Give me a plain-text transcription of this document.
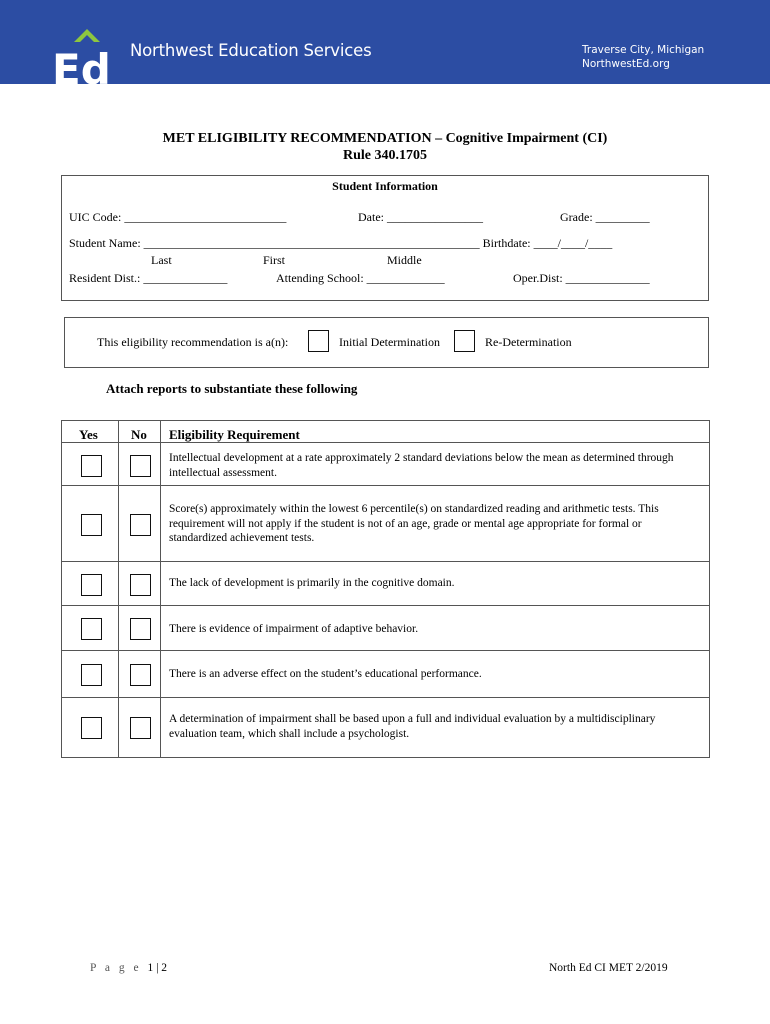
Ed Northwest Education Services	Traverse City, Michigan
NorthwestEd.org
MET ELIGIBILITY RECOMMENDATION – Cognitive Impairment (CI)
Rule 340.1705
Student Information
UIC Code: ___________________________	Date: ________________	Grade: _________
Student Name: ________________________________________________________ Birthdate: ____/____/____
Last	First	Middle
Resident Dist.: ______________	Attending School: _____________	Oper.Dist: ______________
This eligibility recommendation is a(n):	Initial Determination	Re-Determination
Attach reports to substantiate these following
Yes	No Eligibility Requirement
Intellectual development at a rate approximately 2 standard deviations below the mean as determined through intellectual assessment.
Score(s) approximately within the lowest 6 percentile(s) on standardized reading and arithmetic tests. This requirement will not apply if the student is not of an age, grade or mental age appropriate for formal or standardized achievement tests.
The lack of development is primarily in the cognitive domain.
There is evidence of impairment of adaptive behavior.
There is an adverse effect on the student’s educational performance.
A determination of impairment shall be based upon a full and individual evaluation by a multidisciplinary evaluation team, which shall include a psychologist.
P a g e 1 | 2	North Ed CI MET 2/2019
